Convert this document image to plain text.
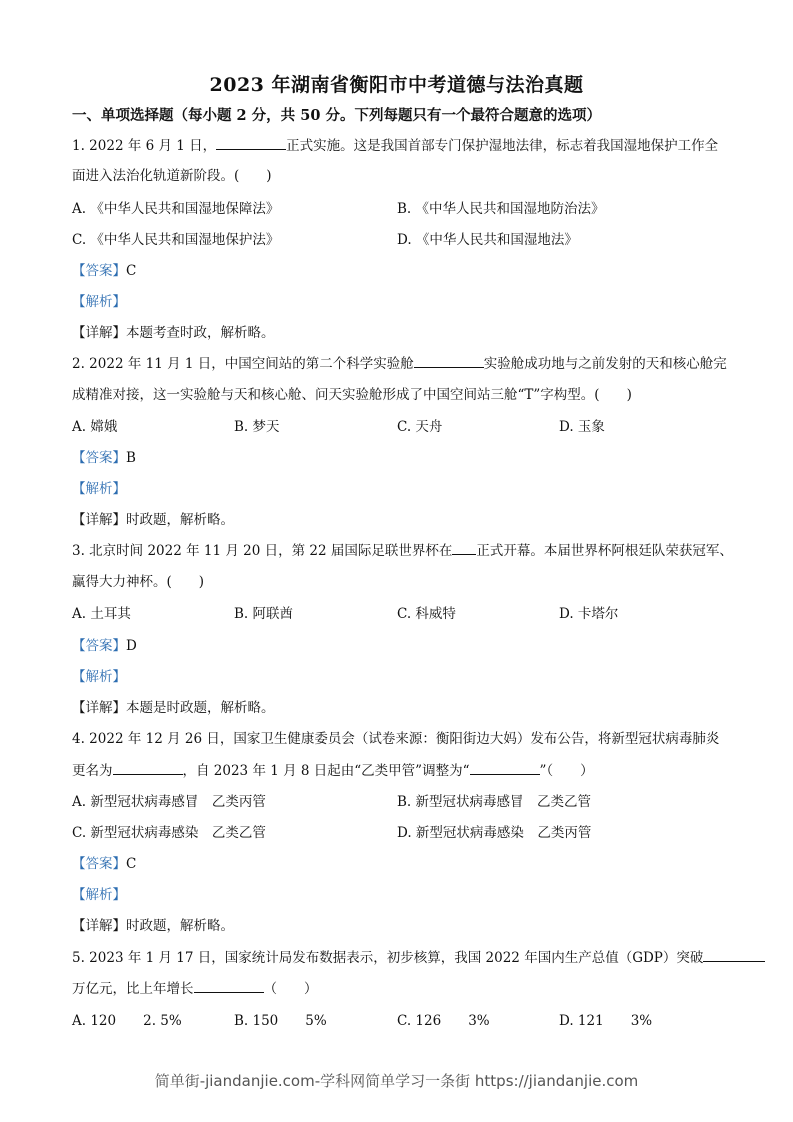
2023 年湖南省衡阳市中考道德与法治真题
一、单项选择题（每小题 2 分，共 50 分。下列每题只有一个最符合题意的选项）
1. 2022 年 6 月 1 日，	正式实施。这是我国首部专门保护湿地法律，标志着我国湿地保护工作全
面进入法治化轨道新阶段。(　　)
A. 《中华人民共和国湿地保障法》	B. 《中华人民共和国湿地防治法》
C. 《中华人民共和国湿地保护法》	D. 《中华人民共和国湿地法》
【答案】C
【解析】
【详解】本题考查时政，解析略。
2. 2022 年 11 月 1 日，中国空间站的第二个科学实验舱	实验舱成功地与之前发射的天和核心舱完
成精准对接，这一实验舱与天和核心舱、问天实验舱形成了中国空间站三舱“T”字构型。(　　)
A. 嫦娥	B. 梦天	C. 天舟	D. 玉象
【答案】B
【解析】
【详解】时政题，解析略。
3. 北京时间 2022 年 11 月 20 日，第 22 届国际足联世界杯在 正式开幕。本届世界杯阿根廷队荣获冠军、
赢得大力神杯。(　　)
A. 土耳其	B. 阿联酋	C. 科威特	D. 卡塔尔
【答案】D
【解析】
【详解】本题是时政题，解析略。
4. 2022 年 12 月 26 日，国家卫生健康委员会（试卷来源：衡阳街边大妈）发布公告，将新型冠状病毒肺炎
更名为	，自 2023 年 1 月 8 日起由“乙类甲管”调整为“	”（　　）
A. 新型冠状病毒感冒　乙类丙管	B. 新型冠状病毒感冒　乙类乙管
C. 新型冠状病毒感染　乙类乙管	D. 新型冠状病毒感染　乙类丙管
【答案】C
【解析】
【详解】时政题，解析略。
5. 2023 年 1 月 17 日，国家统计局发布数据表示，初步核算，我国 2022 年国内生产总值（GDP）突破
万亿元，比上年增长	（　　）
A. 120　　2. 5%	B. 150　　5%	C. 126　　3%	D. 121　　3%
简单街-jiandanjie.com-学科网简单学习一条街 https://jiandanjie.com
